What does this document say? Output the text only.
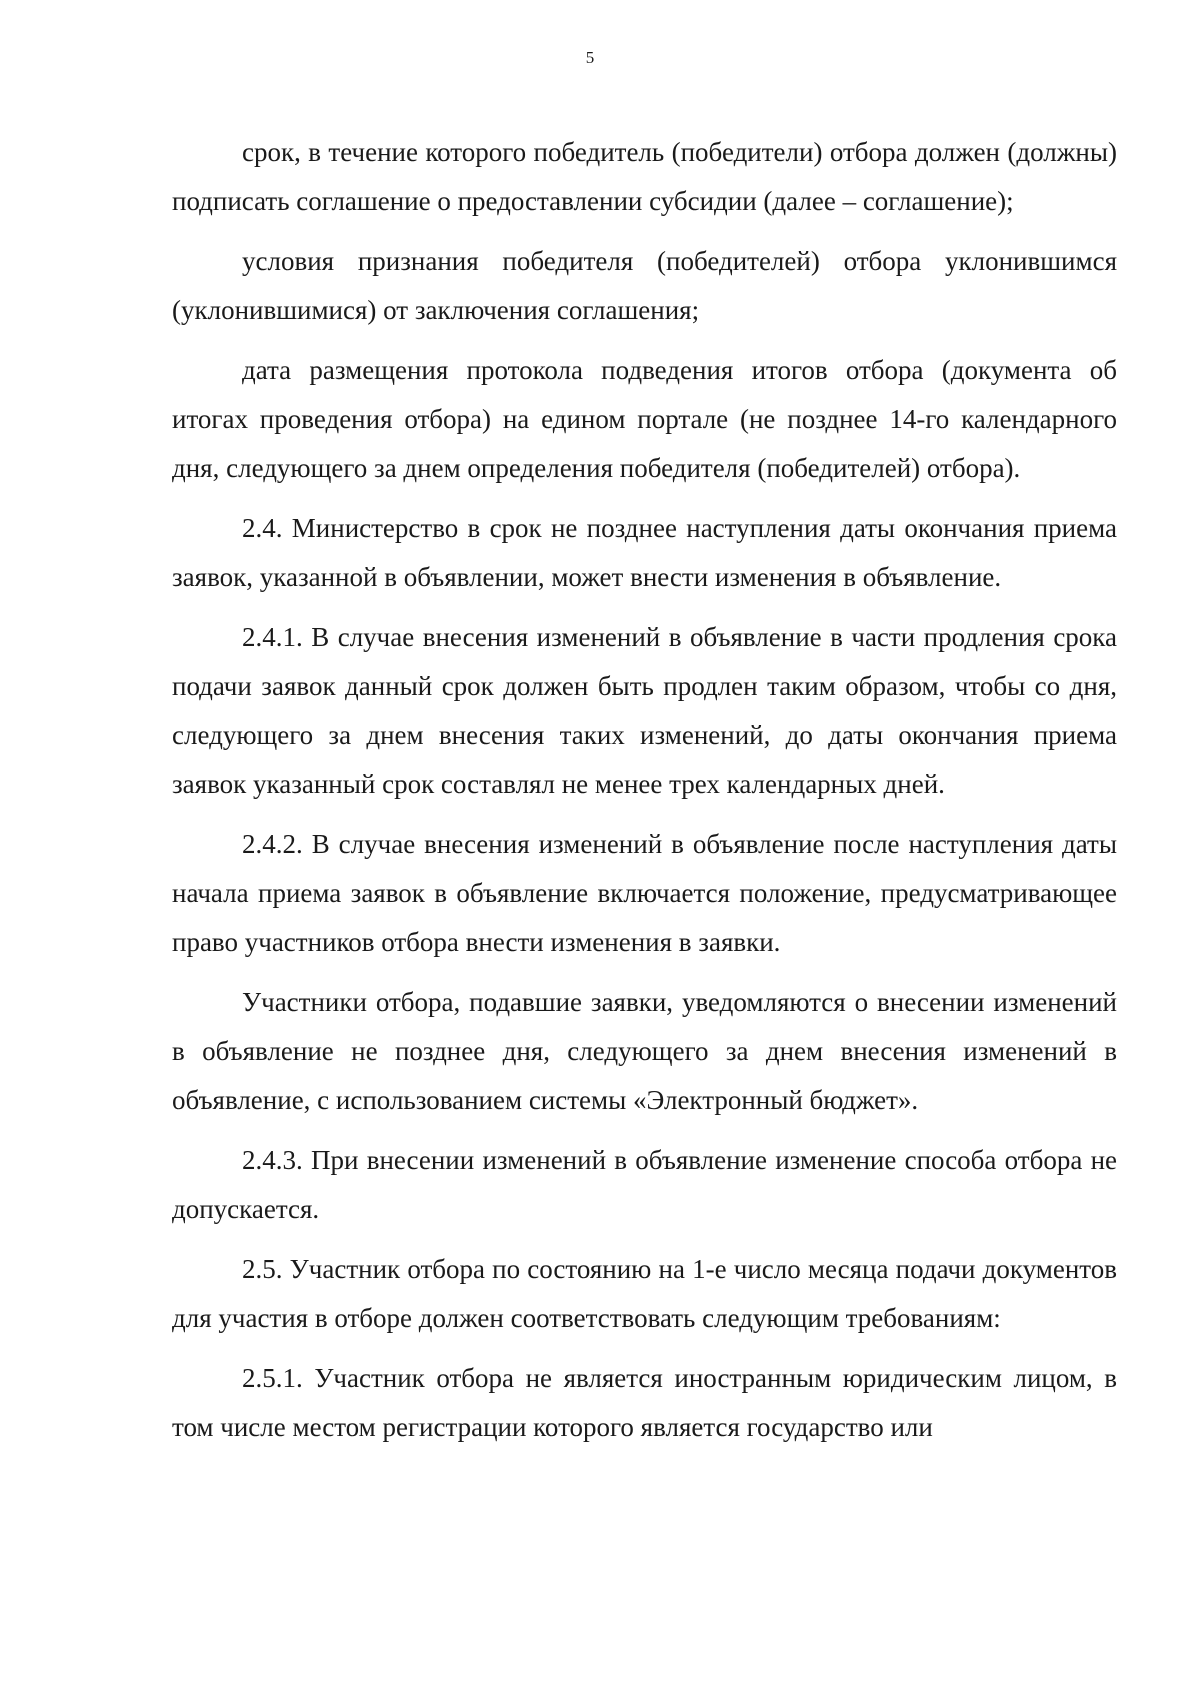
5

срок, в течение которого победитель (победители) отбора должен (должны) подписать соглашение о предоставлении субсидии (далее – соглашение);

условия признания победителя (победителей) отбора уклонившимся (уклонившимися) от заключения соглашения;

дата размещения протокола подведения итогов отбора (документа об итогах проведения отбора) на едином портале (не позднее 14-го календарного дня, следующего за днем определения победителя (победителей) отбора).

2.4. Министерство в срок не позднее наступления даты окончания приема заявок, указанной в объявлении, может внести изменения в объявление.

2.4.1. В случае внесения изменений в объявление в части продления срока подачи заявок данный срок должен быть продлен таким образом, чтобы со дня, следующего за днем внесения таких изменений, до даты окончания приема заявок указанный срок составлял не менее трех календарных дней.

2.4.2. В случае внесения изменений в объявление после наступления даты начала приема заявок в объявление включается положение, предусматривающее право участников отбора внести изменения в заявки.

Участники отбора, подавшие заявки, уведомляются о внесении изменений в объявление не позднее дня, следующего за днем внесения изменений в объявление, с использованием системы «Электронный бюджет».

2.4.3. При внесении изменений в объявление изменение способа отбора не допускается.

2.5. Участник отбора по состоянию на 1-е число месяца подачи документов для участия в отборе должен соответствовать следующим требованиям:

2.5.1. Участник отбора не является иностранным юридическим лицом, в том числе местом регистрации которого является государство или
